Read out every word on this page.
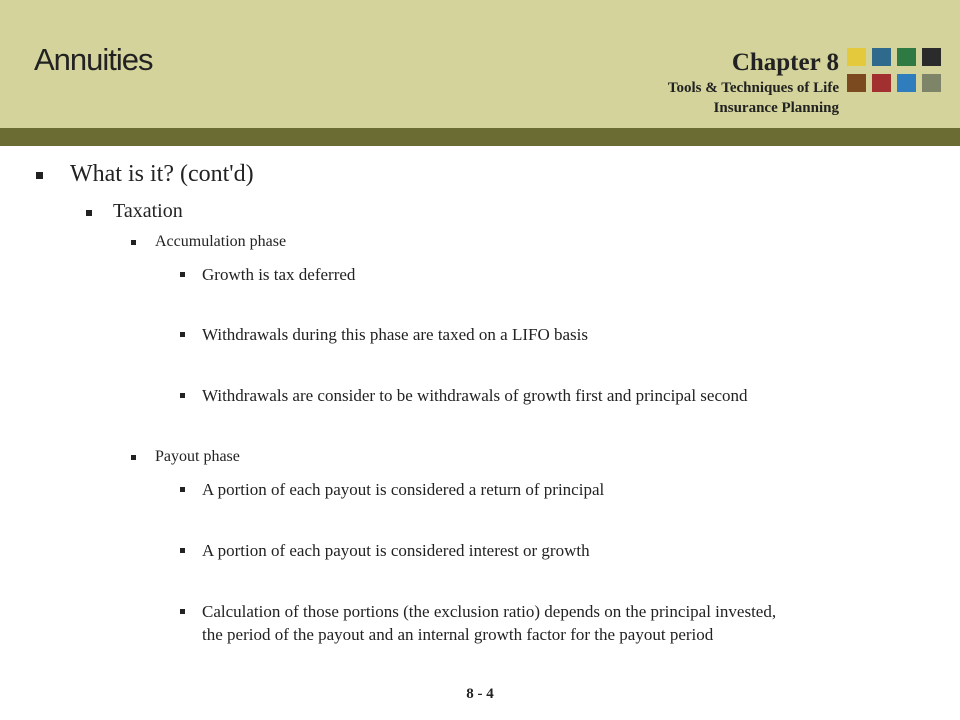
Annuities	Chapter 8
Tools & Techniques of Life
Insurance Planning
What is it? (cont'd)
Taxation
Accumulation phase
Growth is tax deferred
Withdrawals during this phase are taxed on a LIFO basis
Withdrawals are consider to be withdrawals of growth first and principal second
Payout phase
A portion of each payout is considered a return of principal
A portion of each payout is considered interest or growth
Calculation of those portions (the exclusion ratio) depends on the principal invested,
the period of the payout and an internal growth factor for the payout period
8 - 4
